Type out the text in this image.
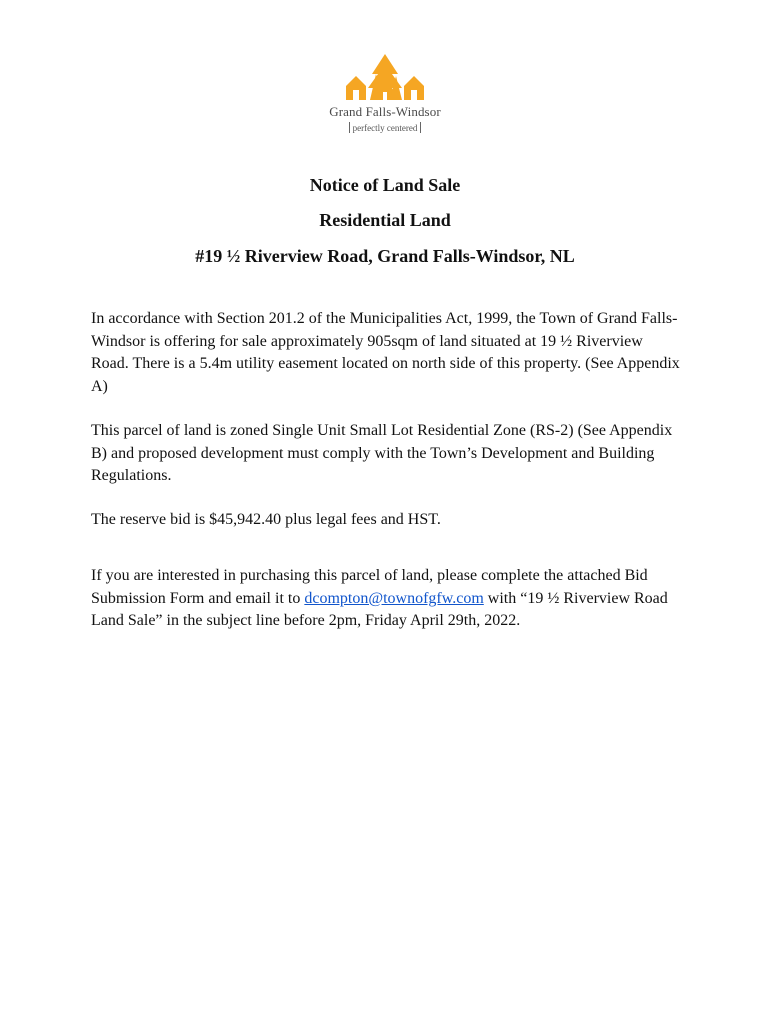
Grand Falls-Windsor
perfectly centered
Notice of Land Sale
Residential Land
#19 ½ Riverview Road, Grand Falls-Windsor, NL

In accordance with Section 201.2 of the Municipalities Act, 1999, the Town of Grand Falls-Windsor is offering for sale approximately 905sqm of land situated at 19 ½ Riverview Road. There is a 5.4m utility easement located on north side of this property. (See Appendix A)

This parcel of land is zoned Single Unit Small Lot Residential Zone (RS-2) (See Appendix B) and proposed development must comply with the Town’s Development and Building Regulations.

The reserve bid is $45,942.40 plus legal fees and HST.

If you are interested in purchasing this parcel of land, please complete the attached Bid Submission Form and email it to dcompton@townofgfw.com with “19 ½ Riverview Road Land Sale” in the subject line before 2pm, Friday April 29th, 2022.
